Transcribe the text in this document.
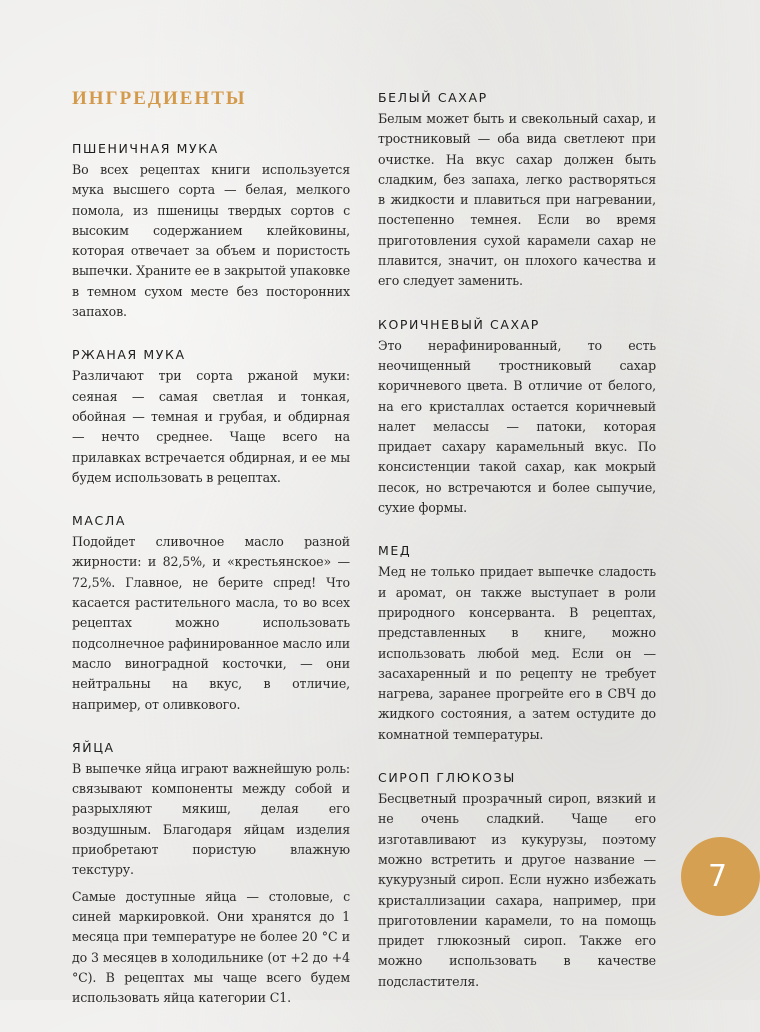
ИНГРЕДИЕНТЫ
ПШЕНИЧНАЯ МУКА

Во всех рецептах книги используется мука высшего сорта — белая, мелкого помола, из пшеницы твердых сортов с высоким содержанием клейковины, которая отвечает за объем и пористость выпечки. Храните ее в закрытой упаковке в темном сухом месте без посторонних запахов.

РЖАНАЯ МУКА

Различают три сорта ржаной муки: сеяная — самая светлая и тонкая, обойная — темная и грубая, и обдирная — нечто среднее. Чаще всего на прилавках встречается обдирная, и ее мы будем использовать в рецептах.

МАСЛА

Подойдет сливочное масло разной жирности: и 82,5%, и «крестьянское» — 72,5%. Главное, не берите спред! Что касается растительного масла, то во всех рецептах можно использовать подсолнечное рафинированное масло или масло виноградной косточки, — они нейтральны на вкус, в отличие, например, от оливкового.

ЯЙЦА

В выпечке яйца играют важнейшую роль: связывают компоненты между собой и разрыхляют мякиш, делая его воздушным. Благодаря яйцам изделия приобретают пористую влажную текстуру.

Самые доступные яйца — столовые, с синей маркировкой. Они хранятся до 1 месяца при температуре не более 20 °С и до 3 месяцев в холодильнике (от +2 до +4 °С). В рецептах мы чаще всего будем использовать яйца категории С1.

БЕЛЫЙ САХАР

Белым может быть и свекольный сахар, и тростниковый — оба вида светлеют при очистке. На вкус сахар должен быть сладким, без запаха, легко растворяться в жидкости и плавиться при нагревании, постепенно темнея. Если во время приготовления сухой карамели сахар не плавится, значит, он плохого качества и его следует заменить.

КОРИЧНЕВЫЙ САХАР

Это нерафинированный, то есть неочищенный тростниковый сахар коричневого цвета. В отличие от белого, на его кристаллах остается коричневый налет мелассы — патоки, которая придает сахару карамельный вкус. По консистенции такой сахар, как мокрый песок, но встречаются и более сыпучие, сухие формы.

МЕД

Мед не только придает выпечке сладость и аромат, он также выступает в роли природного консерванта. В рецептах, представленных в книге, можно использовать любой мед. Если он — засахаренный и по рецепту не требует нагрева, заранее прогрейте его в СВЧ до жидкого состояния, а затем остудите до комнатной температуры.

СИРОП ГЛЮКОЗЫ

Бесцветный прозрачный сироп, вязкий и не очень сладкий. Чаще его изготавливают из кукурузы, поэтому можно встретить и другое название — кукурузный сироп. Если нужно избежать кристаллизации сахара, например, при приготовлении карамели, то на помощь придет глюкозный сироп. Также его можно использовать в качестве подсластителя.

7
